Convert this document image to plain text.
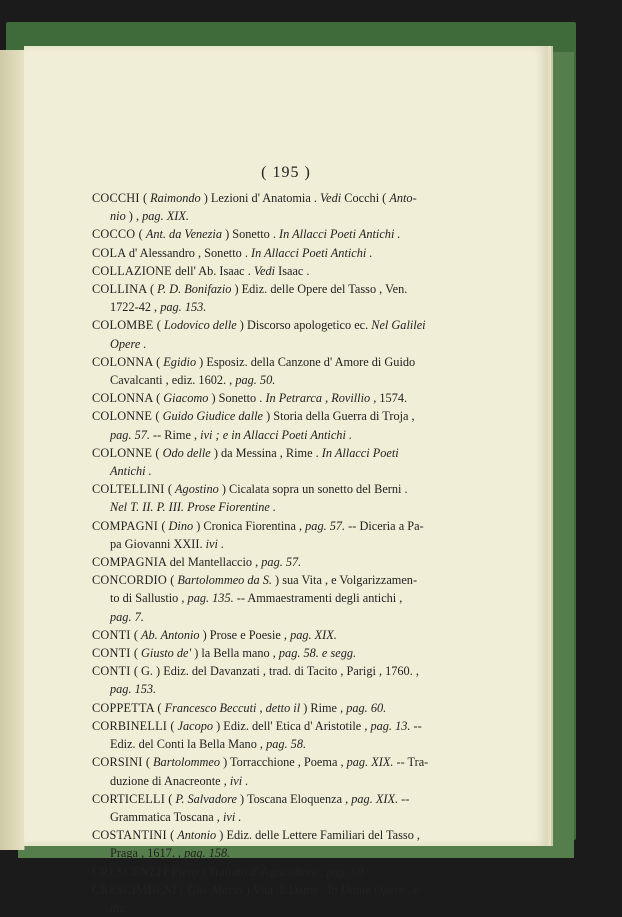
( 195 )
COCCHI ( Raimondo ) Lezioni d' Anatomia . Vedi Cocchi ( Anto-
nio ) , pag. XIX.
COCCO ( Ant. da Venezia ) Sonetto . In Allacci Poeti Antichi .
COLA d' Alessandro , Sonetto . In Allacci Poeti Antichi .
COLLAZIONE dell' Ab. Isaac . Vedi Isaac .
COLLINA ( P. D. Bonifazio ) Ediz. delle Opere del Tasso , Ven.
1722-42 , pag. 153.
COLOMBE ( Lodovico delle ) Discorso apologetico ec. Nel Galilei
Opere .
COLONNA ( Egidio ) Esposiz. della Canzone d' Amore di Guido
Cavalcanti , ediz. 1602. , pag. 50.
COLONNA ( Giacomo ) Sonetto . In Petrarca , Rovillio , 1574.
COLONNE ( Guido Giudice dalle ) Storia della Guerra di Troja ,
pag. 57. -- Rime , ivi ; e in Allacci Poeti Antichi .
COLONNE ( Odo delle ) da Messina , Rime . In Allacci Poeti
Antichi .
COLTELLINI ( Agostino ) Cicalata sopra un sonetto del Berni .
Nel T. II. P. III. Prose Fiorentine .
COMPAGNI ( Dino ) Cronica Fiorentina , pag. 57. -- Diceria a Pa-
pa Giovanni XXII. ivi .
COMPAGNIA del Mantellaccio , pag. 57.
CONCORDIO ( Bartolommeo da S. ) sua Vita , e Volgarizzamen-
to di Sallustio , pag. 135. -- Ammaestramenti degli antichi ,
pag. 7.
CONTI ( Ab. Antonio ) Prose e Poesie , pag. XIX.
CONTI ( Giusto de' ) la Bella mano , pag. 58. e segg.
CONTI ( G. ) Ediz. del Davanzati , trad. di Tacito , Parigi , 1760. ,
pag. 153.
COPPETTA ( Francesco Beccuti , detto il ) Rime , pag. 60.
CORBINELLI ( Jacopo ) Ediz. dell' Etica d' Aristotile , pag. 13. --
Ediz. del Conti la Bella Mano , pag. 58.
CORSINI ( Bartolommeo ) Torracchione , Poema , pag. XIX. -- Tra-
duzione di Anacreonte , ivi .
CORTICELLI ( P. Salvadore ) Toscana Eloquenza , pag. XIX. --
Grammatica Toscana , ivi .
COSTANTINI ( Antonio ) Ediz. delle Lettere Familiari del Tasso ,
Praga , 1617. , pag. 158.
CRESCENZI ( Piero ) Trattato d' Agricoltura , pag. 60.
CRESCIMBENI ( Gio. Mario ) Vita di Dante . In Dante Opere , e-
diz.
